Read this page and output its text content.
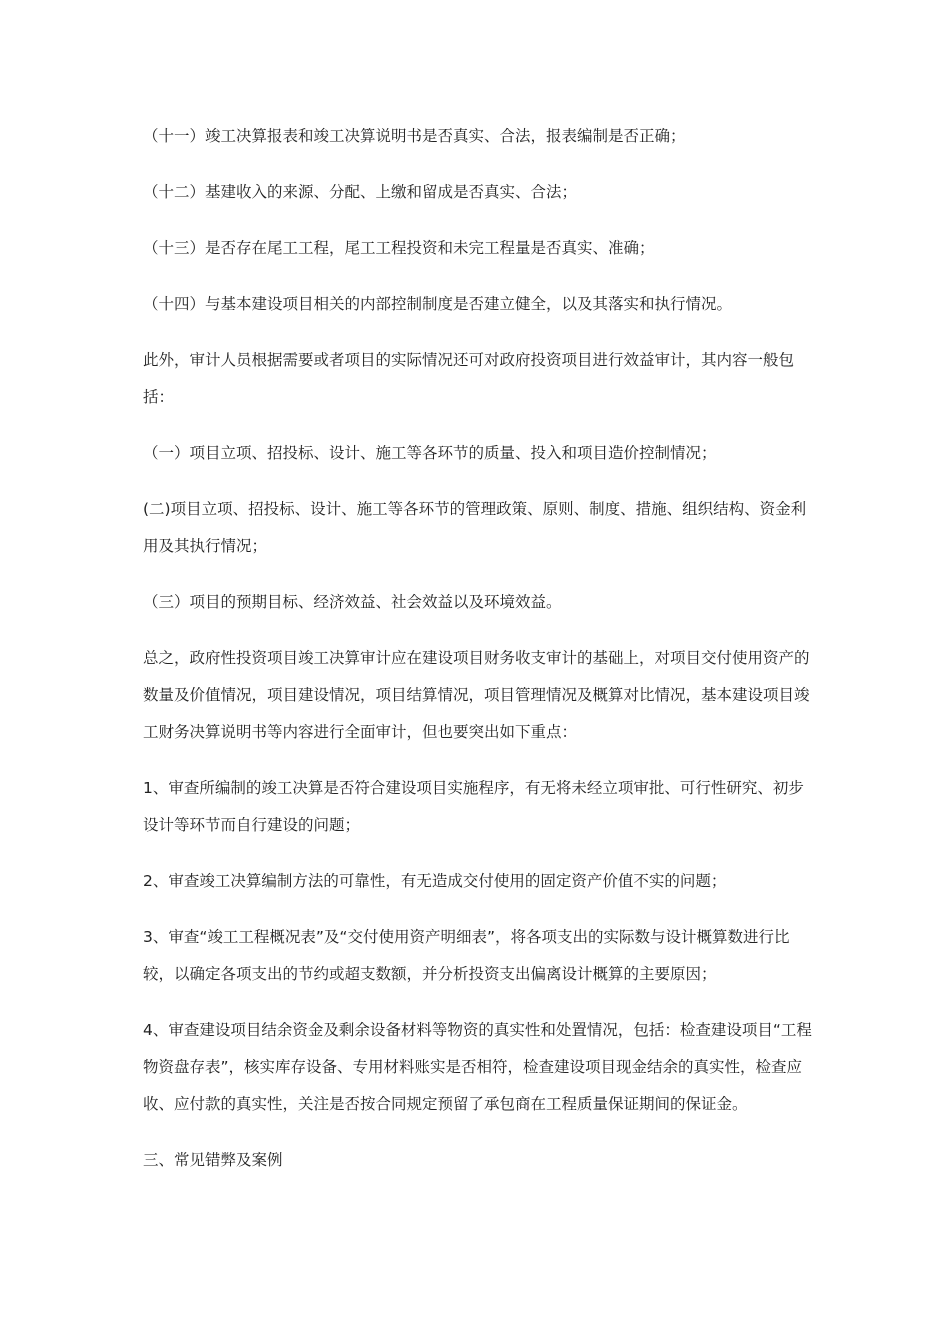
（十一）竣工决算报表和竣工决算说明书是否真实、合法，报表编制是否正确；

（十二）基建收入的来源、分配、上缴和留成是否真实、合法；

（十三）是否存在尾工工程，尾工工程投资和未完工程量是否真实、准确；

（十四）与基本建设项目相关的内部控制制度是否建立健全，以及其落实和执行情况。

此外，审计人员根据需要或者项目的实际情况还可对政府投资项目进行效益审计，其内容一般包括：

（一）项目立项、招投标、设计、施工等各环节的质量、投入和项目造价控制情况；

(二)项目立项、招投标、设计、施工等各环节的管理政策、原则、制度、措施、组织结构、资金利用及其执行情况；

（三）项目的预期目标、经济效益、社会效益以及环境效益。

总之，政府性投资项目竣工决算审计应在建设项目财务收支审计的基础上，对项目交付使用资产的数量及价值情况，项目建设情况，项目结算情况，项目管理情况及概算对比情况，基本建设项目竣工财务决算说明书等内容进行全面审计，但也要突出如下重点：

1、审查所编制的竣工决算是否符合建设项目实施程序，有无将未经立项审批、可行性研究、初步设计等环节而自行建设的问题；

2、审查竣工决算编制方法的可靠性，有无造成交付使用的固定资产价值不实的问题；

3、审查“竣工工程概况表”及“交付使用资产明细表”，将各项支出的实际数与设计概算数进行比较，以确定各项支出的节约或超支数额，并分析投资支出偏离设计概算的主要原因；

4、审查建设项目结余资金及剩余设备材料等物资的真实性和处置情况，包括：检查建设项目“工程物资盘存表”，核实库存设备、专用材料账实是否相符，检查建设项目现金结余的真实性，检查应收、应付款的真实性，关注是否按合同规定预留了承包商在工程质量保证期间的保证金。

三、常见错弊及案例
